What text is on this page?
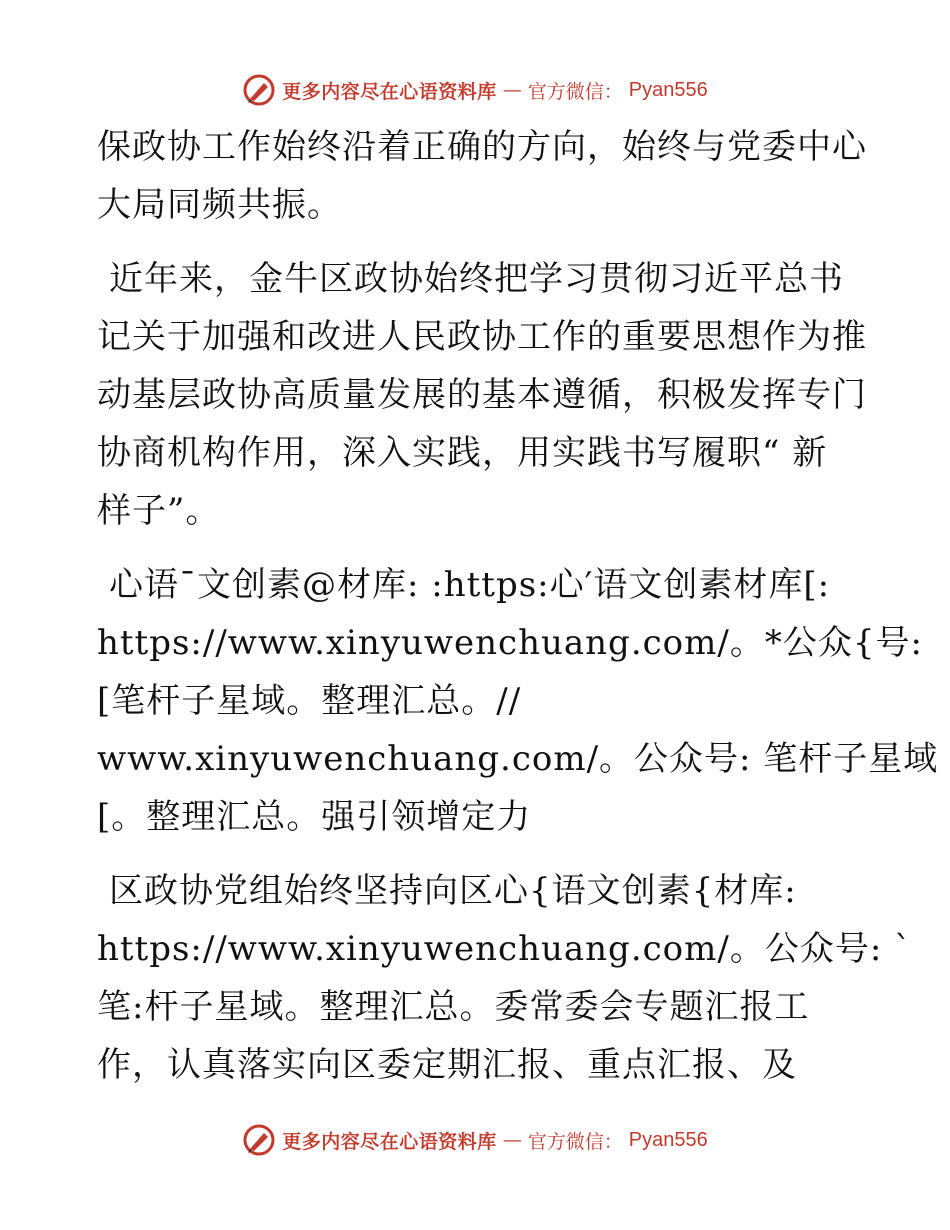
更多内容尽在心语资料库 — 官方微信： Pyan556
保政协工作始终沿着正确的方向，始终与党委中心
大局同频共振。
近年来，金牛区政协始终把学习贯彻习近平总书
记关于加强和改进人民政协工作的重要思想作为推
动基层政协高质量发展的基本遵循，积极发挥专门
协商机构作用，深入实践，用实践书写履职“ 新
样子”。
心语¯文创素@材库: :https:心′语文创素材库[:
https://www.xinyuwenchuang.com/。*公众{号:
[笔杆子星域。整理汇总。//
www.xinyuwenchuang.com/。公众号: 笔杆子星域
[。整理汇总。强引领增定力
区政协党组始终坚持向区心{语文创素{材库:
https://www.xinyuwenchuang.com/。公众号: `
笔:杆子星域。整理汇总。委常委会专题汇报工
作，认真落实向区委定期汇报、重点汇报、及
更多内容尽在心语资料库 — 官方微信： Pyan556
